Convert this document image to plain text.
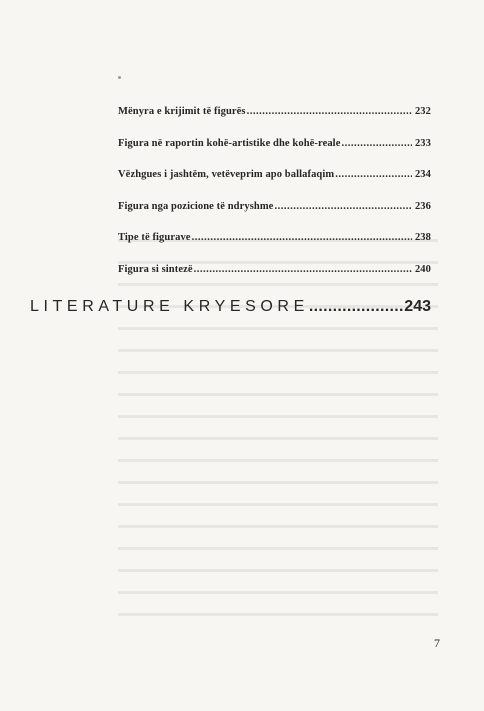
Mënyra e krijimit të figurës .....	232
Figura në raportin kohë-artistike dhe kohë-reale .....	233
Vëzhgues i jashtëm, vetëveprim apo ballafaqim .....	234
Figura nga pozicione të ndryshme .....	236
Tipe të figurave .....	238
Figura si sintezë .....	240
LITERATURE KRYESORE .....	243
7
